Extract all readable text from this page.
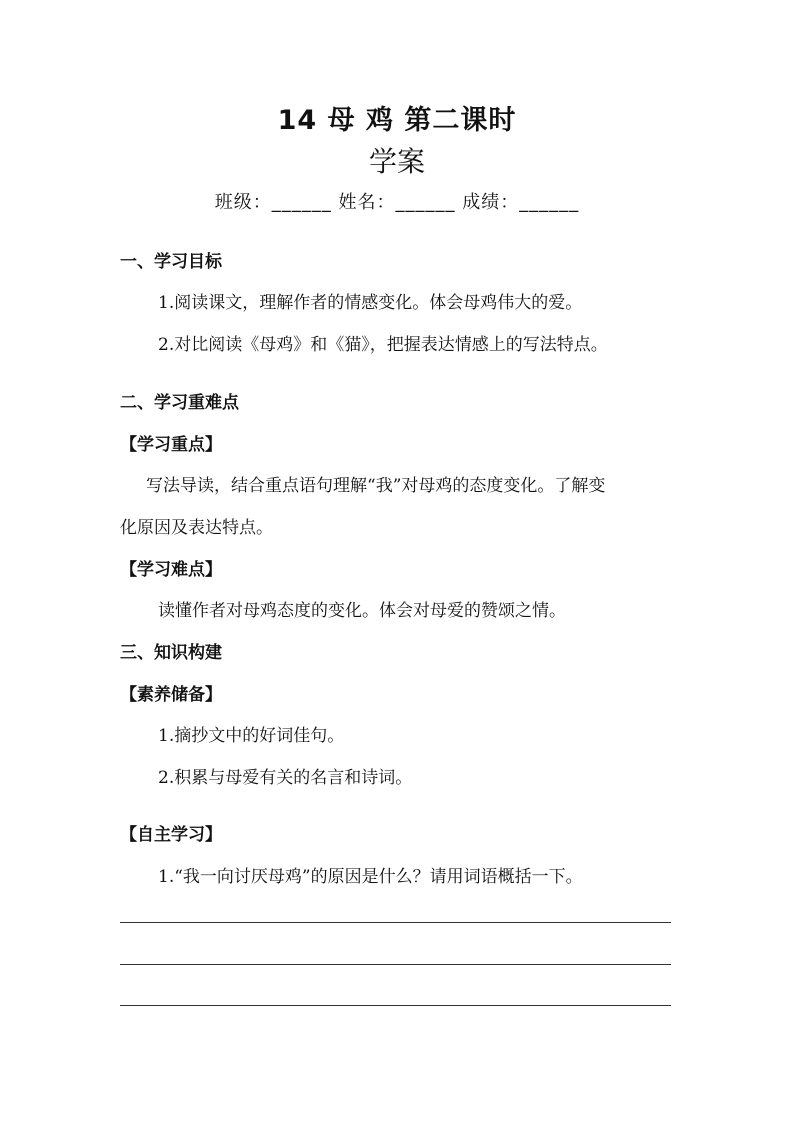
14 母 鸡 第二课时
学案
班级：______ 姓名：______ 成绩：______
一、学习目标
1.阅读课文，理解作者的情感变化。体会母鸡伟大的爱。
2.对比阅读《母鸡》和《猫》，把握表达情感上的写法特点。
二、学习重难点
【学习重点】
写法导读，结合重点语句理解“我”对母鸡的态度变化。了解变
化原因及表达特点。
【学习难点】
读懂作者对母鸡态度的变化。体会对母爱的赞颂之情。
三、知识构建
【素养储备】
1.摘抄文中的好词佳句。
2.积累与母爱有关的名言和诗词。
【自主学习】
1.“我一向讨厌母鸡”的原因是什么？请用词语概括一下。
